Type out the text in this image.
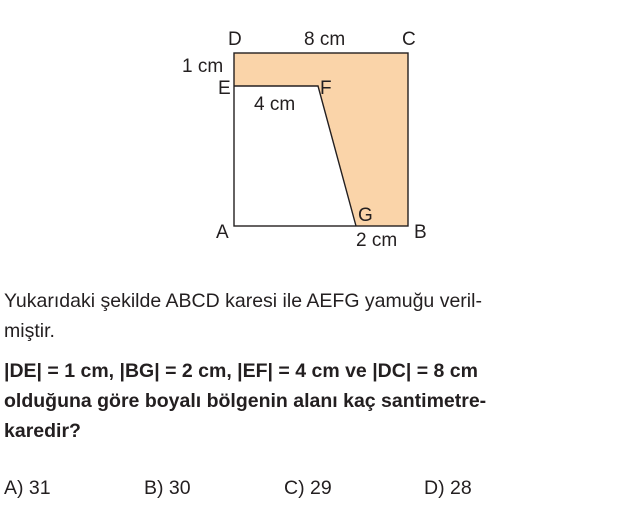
D	C
E	F
A
G
B
8 cm
1 cm
4 cm
2 cm

Yukarıdaki şekilde ABCD karesi ile AEFG yamuğu veril-
miştir.

|DE| = 1 cm, |BG| = 2 cm, |EF| = 4 cm ve |DC| = 8 cm
olduğuna göre boyalı bölgenin alanı kaç santimetre-
karedir?

A) 31	B) 30	C) 29	D) 28
